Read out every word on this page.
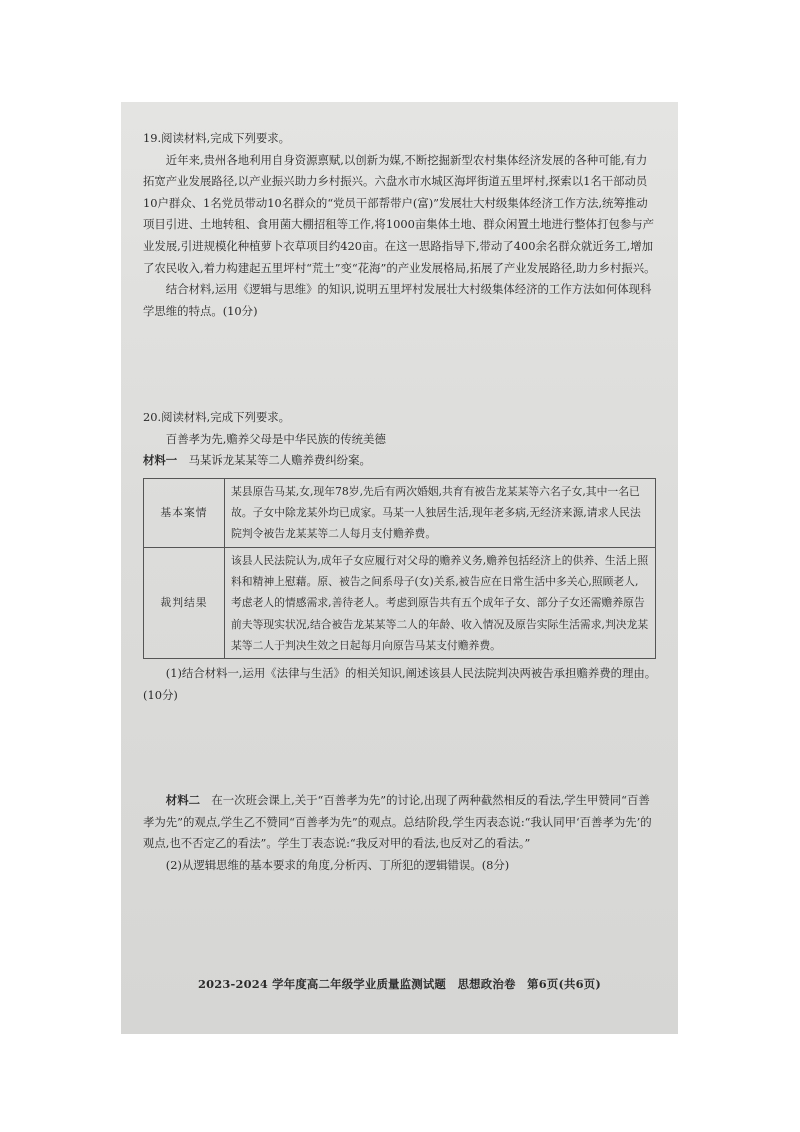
19.阅读材料,完成下列要求。

近年来,贵州各地利用自身资源禀赋,以创新为媒,不断挖掘新型农村集体经济发展的各种可能,有力拓宽产业发展路径,以产业振兴助力乡村振兴。六盘水市水城区海坪街道五里坪村,探索以1名干部动员10户群众、1名党员带动10名群众的“党员干部帮带户(富)”发展壮大村级集体经济工作方法,统筹推动项目引进、土地转租、食用菌大棚招租等工作,将1000亩集体土地、群众闲置土地进行整体打包参与产业发展,引进规模化种植萝卜衣草项目约420亩。在这一思路指导下,带动了400余名群众就近务工,增加了农民收入,着力构建起五里坪村“荒土”变“花海”的产业发展格局,拓展了产业发展路径,助力乡村振兴。

结合材料,运用《逻辑与思维》的知识,说明五里坪村发展壮大村级集体经济的工作方法如何体现科学思维的特点。(10分)

20.阅读材料,完成下列要求。

百善孝为先,赡养父母是中华民族的传统美德

材料一　 马某诉龙某某等二人赡养费纠纷案。

基本案情	某县原告马某,女,现年78岁,先后有两次婚姻,共育有被告龙某某等六名子女,其中一名已故。子女中除龙某外均已成家。马某一人独居生活,现年老多病,无经济来源,请求人民法院判令被告龙某某等二人每月支付赡养费。
裁判结果	该县人民法院认为,成年子女应履行对父母的赡养义务,赡养包括经济上的供养、生活上照料和精神上慰藉。原、被告之间系母子(女)关系,被告应在日常生活中多关心,照顾老人,考虑老人的情感需求,善待老人。考虑到原告共有五个成年子女、部分子女还需赡养原告前夫等现实状况,结合被告龙某某等二人的年龄、收入情况及原告实际生活需求,判决龙某某等二人于判决生效之日起每月向原告马某支付赡养费。

(1)结合材料一,运用《法律与生活》的相关知识,阐述该县人民法院判决两被告承担赡养费的理由。(10分)

材料二　 在一次班会课上,关于“百善孝为先”的讨论,出现了两种截然相反的看法,学生甲赞同“百善孝为先”的观点,学生乙不赞同“百善孝为先”的观点。总结阶段,学生丙表态说:“我认同甲‘百善孝为先’的观点,也不否定乙的看法”。学生丁表态说:“我反对甲的看法,也反对乙的看法。”

(2)从逻辑思维的基本要求的角度,分析丙、丁所犯的逻辑错误。(8分)

2023-2024 学年度高二年级学业质量监测试题　思想政治卷　第6页(共6页)
